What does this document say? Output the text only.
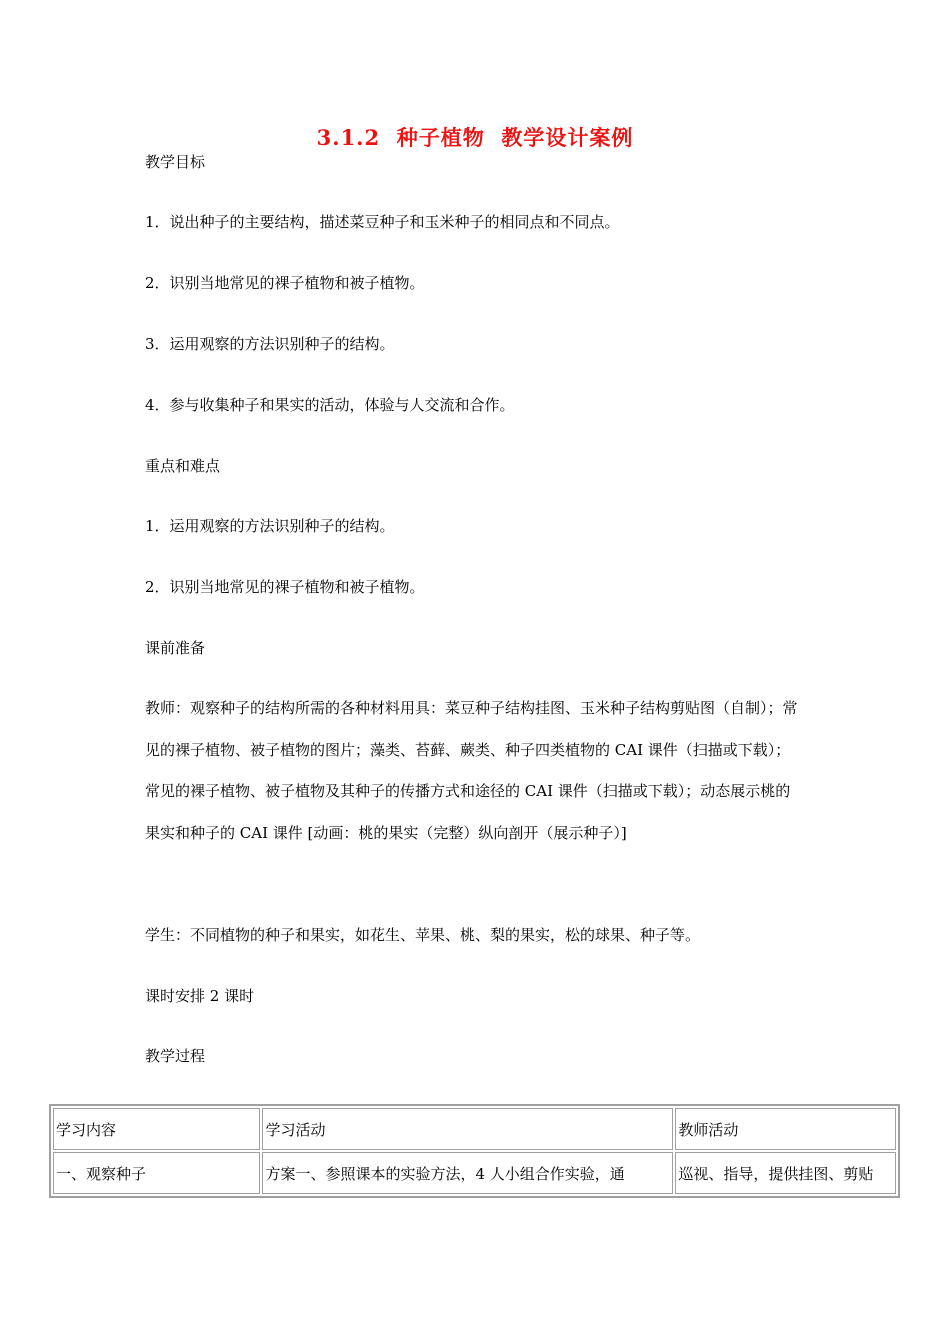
3.1.2  种子植物  教学设计案例
教学目标
1．说出种子的主要结构，描述菜豆种子和玉米种子的相同点和不同点。
2．识别当地常见的裸子植物和被子植物。
3．运用观察的方法识别种子的结构。
4．参与收集种子和果实的活动，体验与人交流和合作。
重点和难点
1．运用观察的方法识别种子的结构。
2．识别当地常见的裸子植物和被子植物。
课前准备

教师：观察种子的结构所需的各种材料用具：菜豆种子结构挂图、玉米种子结构剪贴图（自制）；常见的裸子植物、被子植物的图片；藻类、苔藓、蕨类、种子四类植物的 CAI 课件（扫描或下载）；常见的裸子植物、被子植物及其种子的传播方式和途径的 CAI 课件（扫描或下载）；动态展示桃的果实和种子的 CAI 课件 [动画：桃的果实（完整）纵向剖开（展示种子）]

学生：不同植物的种子和果实，如花生、苹果、桃、梨的果实，松的球果、种子等。
课时安排 2 课时
教学过程
学习内容	学习活动	教师活动
一、观察种子	方案一、参照课本的实验方法，4 人小组合作实验，通	巡视、指导，提供挂图、剪贴
